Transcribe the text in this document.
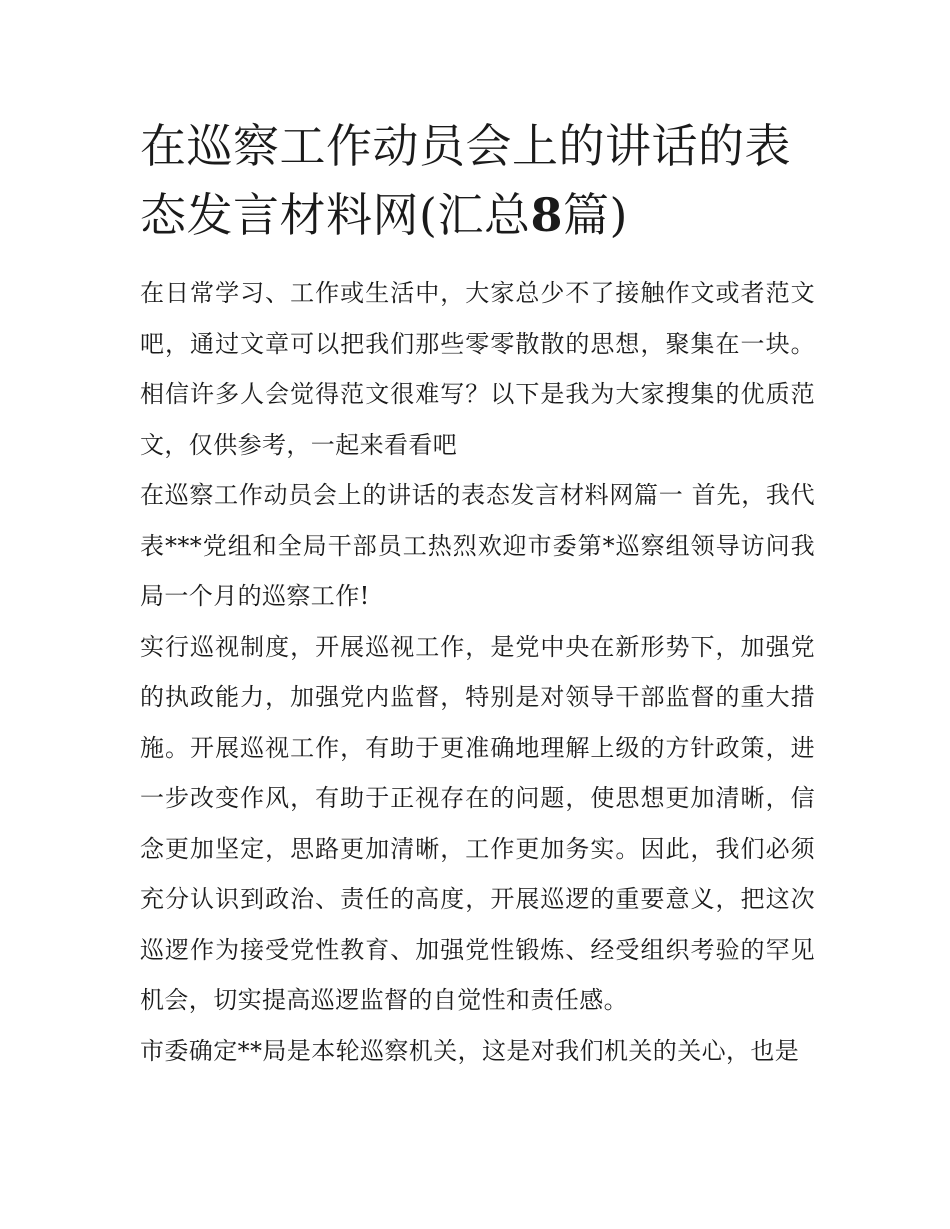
在巡察工作动员会上的讲话的表态发言材料网(汇总8篇)

在日常学习、工作或生活中，大家总少不了接触作文或者范文吧，通过文章可以把我们那些零零散散的思想，聚集在一块。相信许多人会觉得范文很难写？以下是我为大家搜集的优质范文，仅供参考，一起来看看吧

在巡察工作动员会上的讲话的表态发言材料网篇一 首先，我代表***党组和全局干部员工热烈欢迎市委第*巡察组领导访问我局一个月的巡察工作!

实行巡视制度，开展巡视工作，是党中央在新形势下，加强党的执政能力，加强党内监督，特别是对领导干部监督的重大措施。开展巡视工作，有助于更准确地理解上级的方针政策，进一步改变作风，有助于正视存在的问题，使思想更加清晰，信念更加坚定，思路更加清晰，工作更加务实。因此，我们必须充分认识到政治、责任的高度，开展巡逻的重要意义，把这次巡逻作为接受党性教育、加强党性锻炼、经受组织考验的罕见机会，切实提高巡逻监督的自觉性和责任感。

市委确定**局是本轮巡察机关，这是对我们机关的关心，也是
